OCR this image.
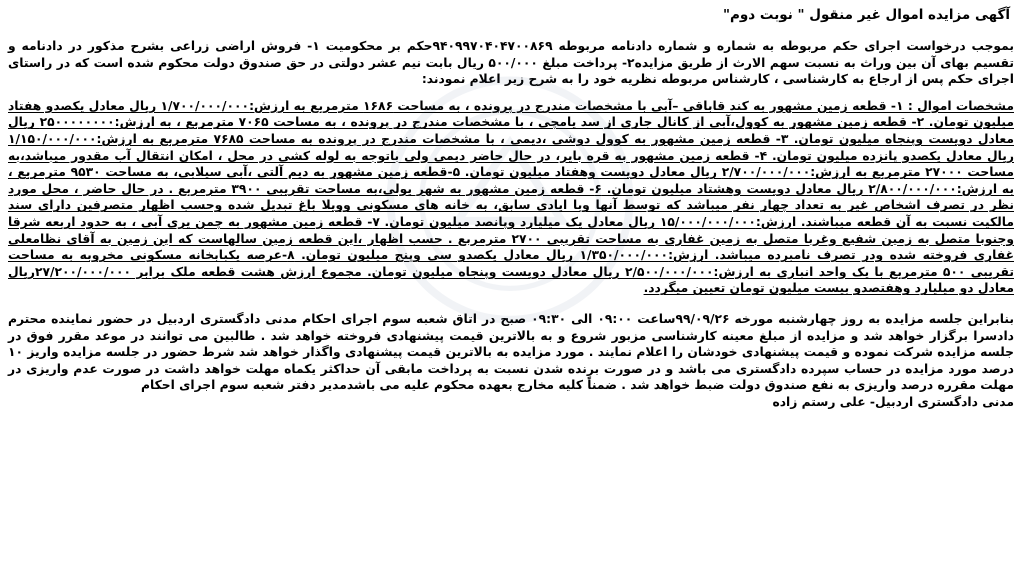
آگهی مزایده اموال غیر منقول " نوبت دوم"

بموجب درخواست اجرای حکم مربوطه به شماره و شماره دادنامه مربوطه ۹۴۰۹۹۷۰۴۰۴۷۰۰۸۶۹حکم بر محکومیت ۱- فروش اراضی زراعی بشرح مذکور در دادنامه و تقسیم بهای آن بین وراث به نسبت سهم الارث از طریق مزایده۲- پرداخت مبلغ ۵۰۰/۰۰۰ ریال بابت نیم عشر دولتی در حق صندوق دولت محکوم شده است که در راستای اجرای حکم پس از ارجاع به کارشناسی ، کارشناس مربوطه نظریه خود را به شرح زیر اعلام نمودند:

مشخصات اموال : ۱- قطعه زمین مشهور به کند قاباقی –آبی با مشخصات مندرج در پرونده ، به مساحت ۱۶۸۶ مترمربع به ارزش:۱/۷۰۰/۰۰۰/۰۰۰ ریال معادل یکصدو هفتاد میلیون تومان. ۲- قطعه زمین مشهور به کوول،آبی از کانال جاری از سد یامچی ، با مشخصات مندرج در پرونده ، به مساحت ۷۰۶۵ مترمربع ، به ارزش:۲۵۰۰۰۰۰۰۰۰ ریال معادل دویست وپنجاه میلیون تومان. ۳- قطعه زمین مشهور به کوول دوشی ،دیمی ، با مشخصات مندرج در پرونده به مساحت ۷۶۸۵ مترمربع به ارزش:۱/۱۵۰/۰۰۰/۰۰۰ ریال معادل یکصدو پانزده میلیون تومان. ۴- قطعه زمین مشهور به قره بایر، در حال حاضر دیمی ولی باتوجه به لوله کشی در محل ، امکان انتقال آب مقدور میباشد،به مساحت ۲۷۰۰۰ مترمربع به ارزش:۲/۷۰۰/۰۰۰/۰۰۰ ریال معادل دویست وهفتاد میلیون تومان. ۵-قطعه زمین مشهور به دیم آلتی ،آبی سیلابی، به مساحت ۹۵۳۰ مترمربع ، به ارزش:۲/۸۰۰/۰۰۰/۰۰۰ ریال معادل دویست وهشتاد میلیون تومان. ۶- قطعه زمین مشهور به شهر یولی،به مساحت تقریبی ۳۹۰۰ مترمربع . در حال حاضر ، محل مورد نظر در تصرف اشخاص غیر به تعداد چهار نفر میباشد که توسط آنها وبا ایادی سابق، به خانه های مسکونی وویلا باغ تبدیل شده وحسب اظهار متصرفین دارای سند مالکیت نسبت به آن قطعه میباشند. ارزش:۱۵/۰۰۰/۰۰۰/۰۰۰ ریال معادل یک میلیارد وپانصد میلیون تومان. ۷- قطعه زمین مشهور به چمن یری آبی ، به حدود اربعه شرقا وجنوبا متصل به زمین شفیع وغربا متصل به زمین غفاری به مساحت تقریبی ۲۷۰۰ مترمربع . حسب اظهار ،این قطعه زمین سالهاست که این زمین به آقای نظامعلی غفاری فروخته شده ودر تصرف نامبرده میباشد. ارزش:۱/۳۵۰/۰۰۰/۰۰۰ ریال معادل یکصدو سی وپنج میلیون تومان. ۸-عرصه یکبابخانه مسکونی مخروبه به مساحت تقریبی ۵۰۰ مترمربع با یک واحد انباری به ارزش:۲/۵۰۰/۰۰۰/۰۰۰ ریال معادل دویست وپنجاه میلیون تومان. مجموع ارزش هشت قطعه ملک برابر ۲۷/۲۰۰/۰۰۰/۰۰۰ریال معادل دو میلیارد وهفتصدو بیست میلیون تومان تعیین میگردد.

بنابراین جلسه مزایده به روز چهارشنبه مورخه ۹۹/۰۹/۲۶ساعت ۰۹:۰۰ الی ۰۹:۳۰ صبح در اتاق شعبه سوم اجرای احکام مدنی دادگستری اردبیل در حضور نماینده محترم دادسرا برگزار خواهد شد و مزایده از مبلغ معینه کارشناسی مزبور شروع و به بالاترین قیمت پیشنهادی فروخته خواهد شد . طالبین می توانند در موعد مقرر فوق در جلسه مزایده شرکت نموده و قیمت پیشنهادی خودشان را اعلام نمایند . مورد مزایده به بالاترین قیمت پیشنهادی واگذار خواهد شد شرط حضور در جلسه مزایده واریز ۱۰ درصد مورد مزایده در حساب سپرده دادگستری می باشد و در صورت برنده شدن نسبت به پرداخت مابقی آن حداکثر یکماه مهلت خواهد داشت در صورت عدم واریزی در مهلت مقرره درصد واریزی به نفع صندوق دولت ضبط خواهد شد . ضمناً کلیه مخارج بعهده محکوم علیه می باشدمدیر دفتر شعبه سوم اجرای احکام
مدنی دادگستری اردبیل- علی رستم زاده
